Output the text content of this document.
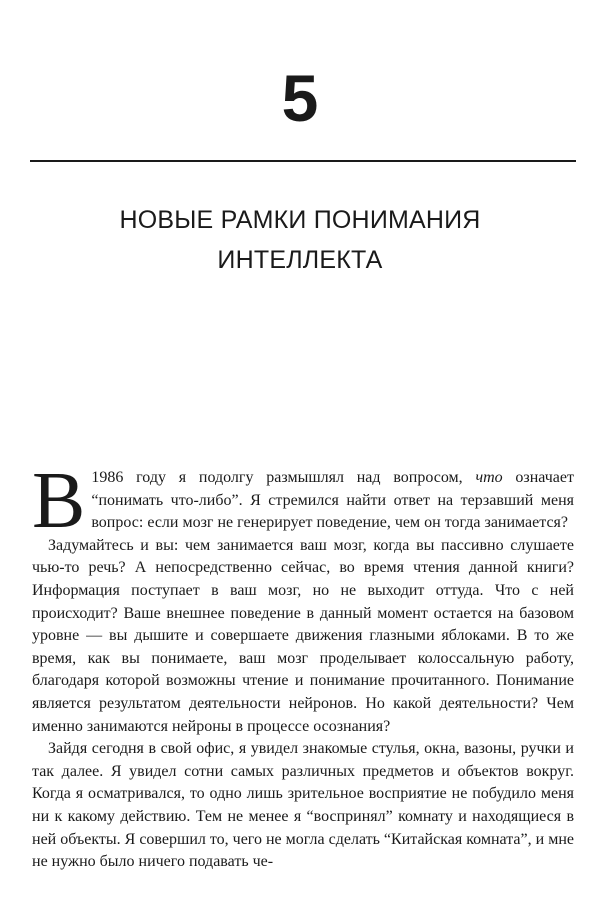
5
НОВЫЕ РАМКИ ПОНИМАНИЯ
ИНТЕЛЛЕКТА

В 1986 году я подолгу размышлял над вопросом, что означает “понимать что-либо”. Я стремился найти ответ на терзавший меня вопрос: если мозг не генерирует поведение, чем он тогда занимается?

Задумайтесь и вы: чем занимается ваш мозг, когда вы пассивно слушаете чью-то речь? А непосредственно сейчас, во время чтения данной книги? Информация поступает в ваш мозг, но не выходит оттуда. Что с ней происходит? Ваше внешнее поведение в данный момент остается на базовом уровне — вы дышите и совершаете движения глазными яблоками. В то же время, как вы понимаете, ваш мозг проделывает колоссальную работу, благодаря которой возможны чтение и понимание прочитанного. Понимание является результатом деятельности нейронов. Но какой деятельности? Чем именно занимаются нейроны в процессе осознания?

Зайдя сегодня в свой офис, я увидел знакомые стулья, окна, вазоны, ручки и так далее. Я увидел сотни самых различных предметов и объектов вокруг. Когда я осматривался, то одно лишь зрительное восприятие не побудило меня ни к какому действию. Тем не менее я “воспринял” комнату и находящиеся в ней объекты. Я совершил то, чего не могла сделать “Китайская комната”, и мне не нужно было ничего подавать че-
